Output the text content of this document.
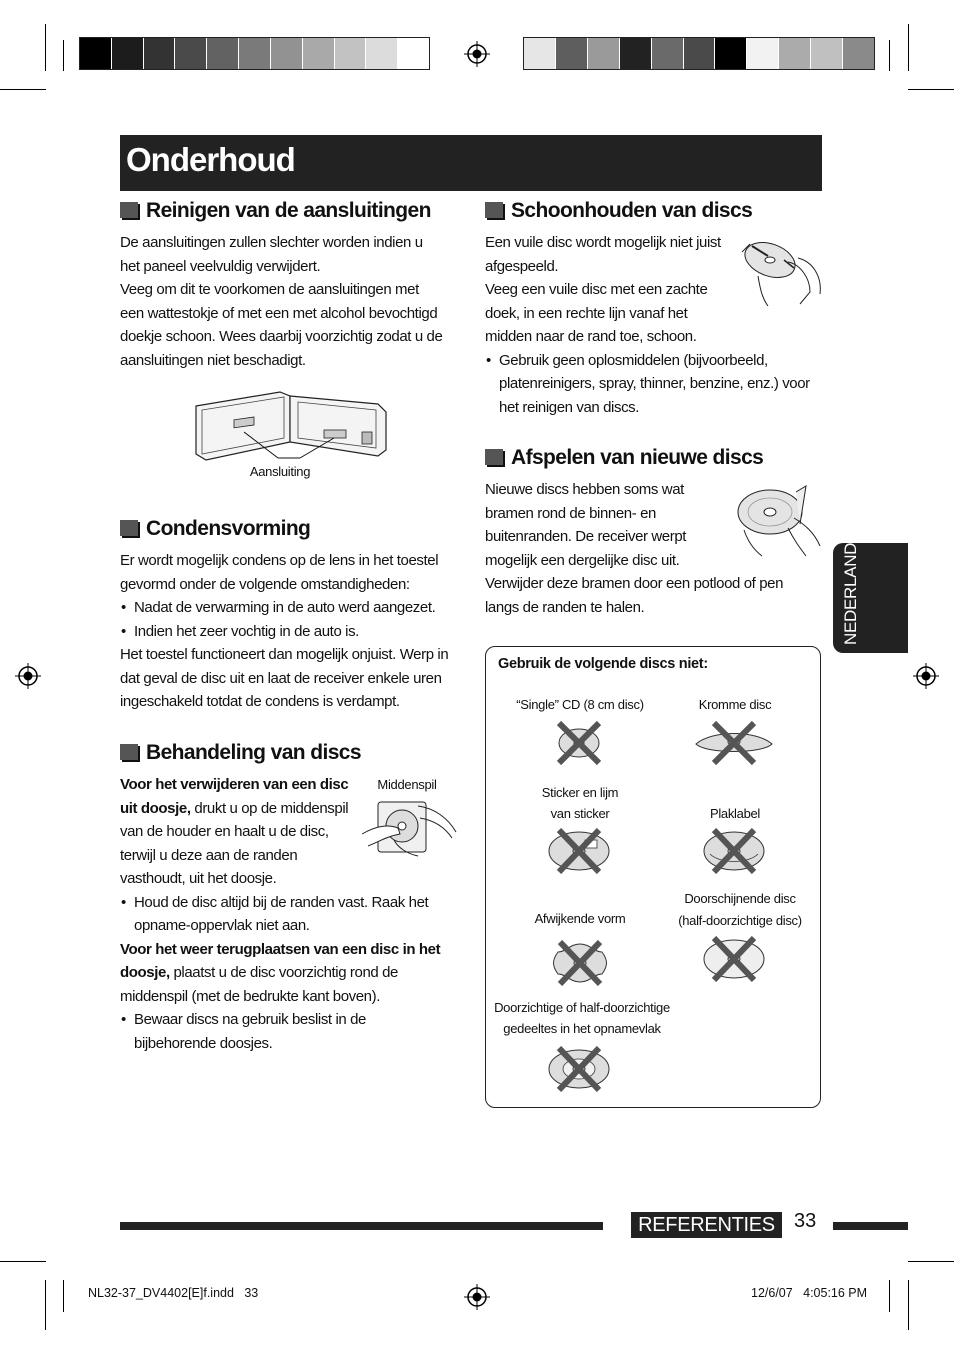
Onderhoud
Reinigen van de aansluitingen

De aansluitingen zullen slechter worden indien u het paneel veelvuldig verwijdert.

Veeg om dit te voorkomen de aansluitingen met een wattestokje of met een met alcohol bevochtigd doekje schoon. Wees daarbij voorzichtig zodat u de aansluitingen niet beschadigt.

Aansluiting
Condensvorming

Er wordt mogelijk condens op de lens in het toestel gevormd onder de volgende omstandigheden:

• Nadat de verwarming in de auto werd aangezet.
• Indien het zeer vochtig in de auto is.

Het toestel functioneert dan mogelijk onjuist. Werp in dat geval de disc uit en laat de receiver enkele uren ingeschakeld totdat de condens is verdampt.

Behandeling van discs
Middenspil

Voor het verwijderen van een disc uit doosje, drukt u op de middenspil van de houder en haalt u de disc, terwijl u deze aan de randen vasthoudt, uit het doosje.

• Houd de disc altijd bij de randen vast. Raak het opname-oppervlak niet aan.

Voor het weer terugplaatsen van een disc in het doosje, plaatst u de disc voorzichtig rond de middenspil (met de bedrukte kant boven).

• Bewaar discs na gebruik beslist in de bijbehorende doosjes.
Schoonhouden van discs

Een vuile disc wordt mogelijk niet juist afgespeeld.

Veeg een vuile disc met een zachte doek, in een rechte lijn vanaf het midden naar de rand toe, schoon.

• Gebruik geen oplosmiddelen (bijvoorbeeld, platenreinigers, spray, thinner, benzine, enz.) voor het reinigen van discs.
Afspelen van nieuwe discs

Nieuwe discs hebben soms wat bramen rond de binnen- en buitenranden. De receiver werpt mogelijk een dergelijke disc uit.

Verwijder deze bramen door een potlood of pen langs de randen te halen.

Gebruik de volgende discs niet:
“Single” CD (8 cm disc)	Kromme disc
Sticker en lijm
van sticker	Plaklabel
Afwijkende vorm
Doorschijnende disc
(half-doorzichtige disc)
Doorzichtige of half-doorzichtige
gedeeltes in het opnamevlak
NEDERLANDS
REFERENTIES 33
NL32-37_DV4402[E]f.indd   33	12/6/07   4:05:16 PM
